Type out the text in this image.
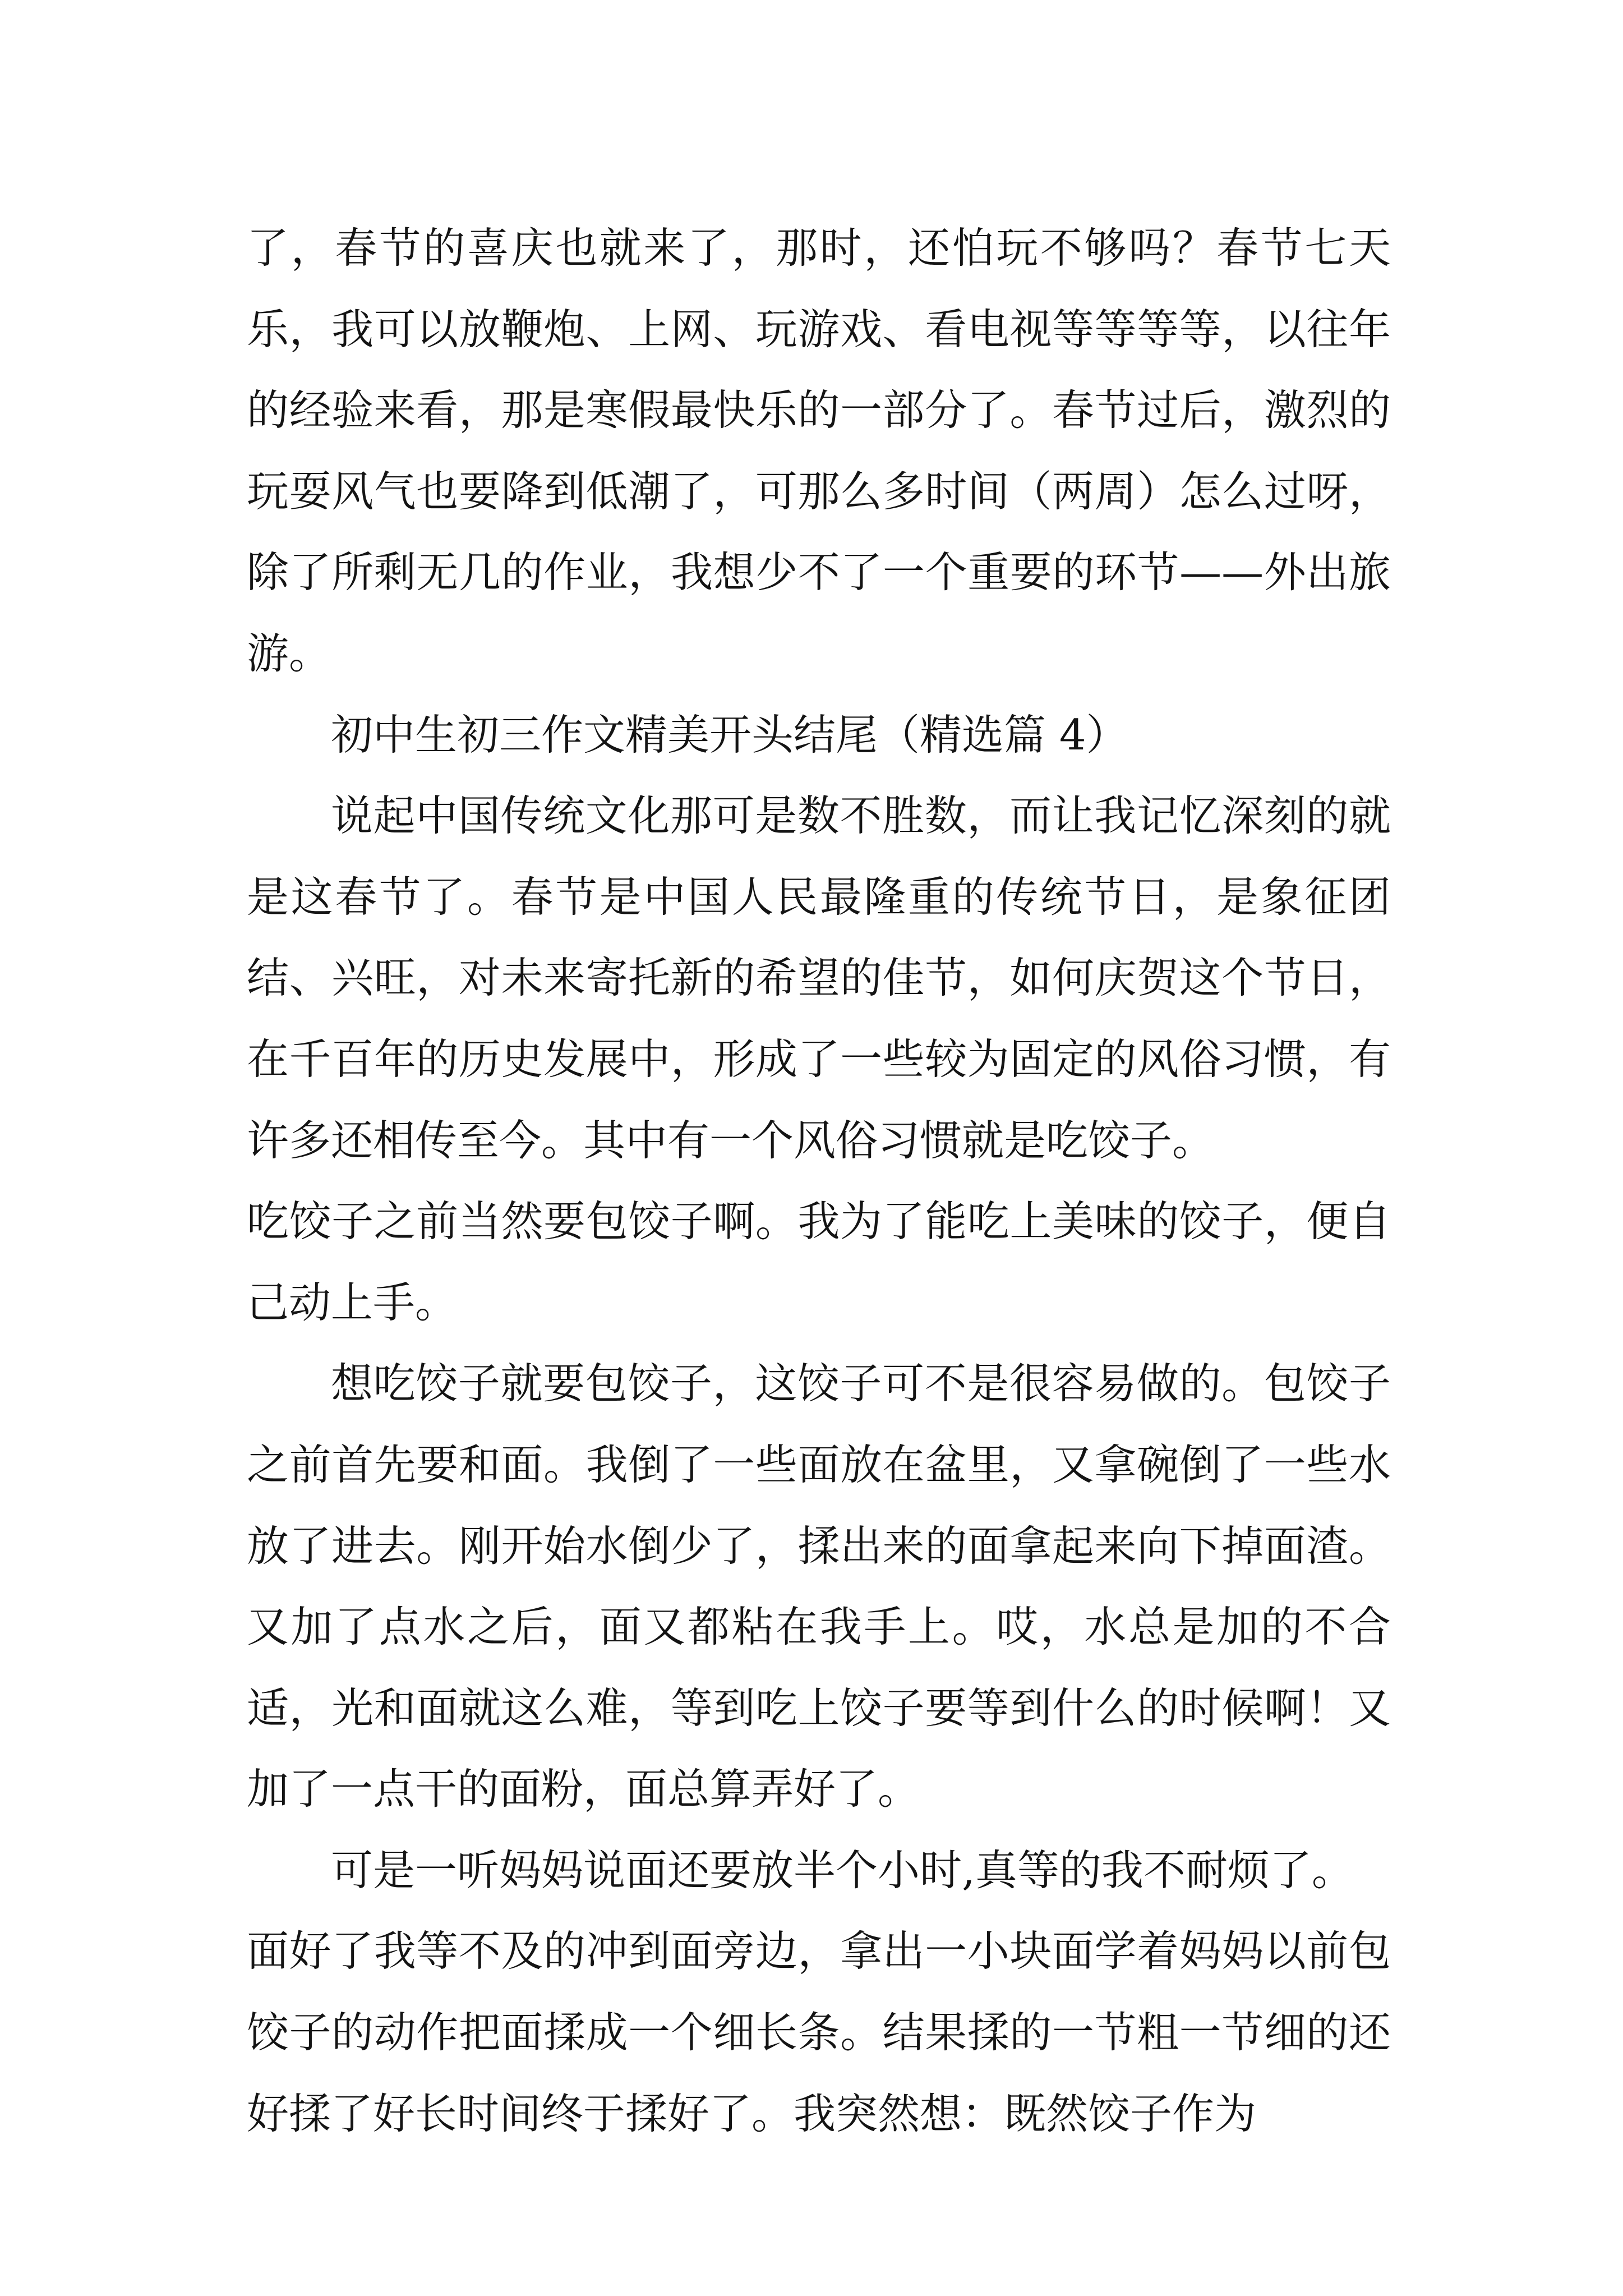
了，春节的喜庆也就来了，那时，还怕玩不够吗？春节七天乐，我可以放鞭炮、上网、玩游戏、看电视等等等等，以往年的经验来看，那是寒假最快乐的一部分了。春节过后，激烈的玩耍风气也要降到低潮了，可那么多时间（两周）怎么过呀，除了所剩无几的作业，我想少不了一个重要的环节——外出旅游。

初中生初三作文精美开头结尾（精选篇 4）

说起中国传统文化那可是数不胜数，而让我记忆深刻的就是这春节了。春节是中国人民最隆重的传统节日，是象征团结、兴旺，对未来寄托新的希望的佳节，如何庆贺这个节日，在千百年的历史发展中，形成了一些较为固定的风俗习惯，有许多还相传至今。其中有一个风俗习惯就是吃饺子。
吃饺子之前当然要包饺子啊。我为了能吃上美味的饺子，便自己动上手。

想吃饺子就要包饺子，这饺子可不是很容易做的。包饺子之前首先要和面。我倒了一些面放在盆里，又拿碗倒了一些水放了进去。刚开始水倒少了，揉出来的面拿起来向下掉面渣。又加了点水之后，面又都粘在我手上。哎，水总是加的不合适，光和面就这么难，等到吃上饺子要等到什么的时候啊！又加了一点干的面粉，面总算弄好了。

可是一听妈妈说面还要放半个小时,真等的我不耐烦了。
面好了我等不及的冲到面旁边，拿出一小块面学着妈妈以前包饺子的动作把面揉成一个细长条。结果揉的一节粗一节细的还好揉了好长时间终于揉好了。我突然想：既然饺子作为
